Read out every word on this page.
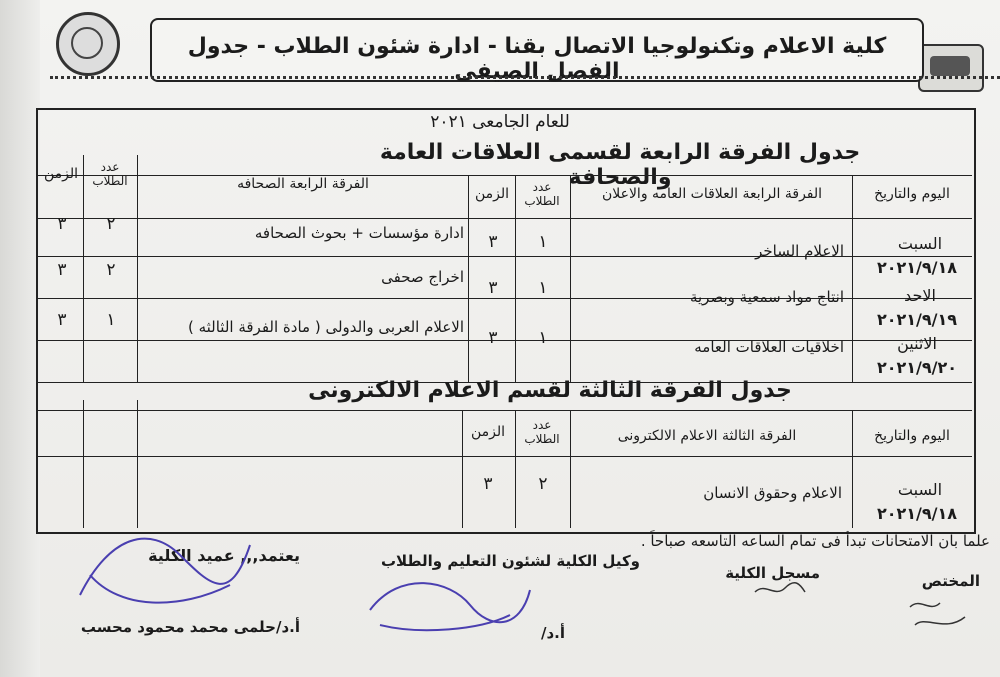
كلية الاعلام وتكنولوجيا الاتصال بقنا - ادارة شئون الطلاب - جدول الفصل الصيفى
للعام الجامعى ٢٠٢١
جدول الفرقة الرابعة لقسمى العلاقات العامة والصحافة
اليوم والتاريخ
الفرقة الرابعة العلاقات العامه والاعلان
عدد الطلاب
الزمن
الفرقة الرابعة الصحافه
عدد الطلاب
الزمن
السبت
٢٠٢١/٩/١٨
الاعلام الساخر
١
٣
ادارة مؤسسات + بحوث الصحافه
٢
٣
الاحد
٢٠٢١/٩/١٩
انتاج مواد سمعية وبصرية
١
٣
اخراج صحفى
٢
٣
الاثنين
٢٠٢١/٩/٢٠
اخلاقيات العلاقات العامه
١
٣
الاعلام العربى والدولى ( مادة الفرقة الثالثه )
١
٣
جدول الفرقة الثالثة لقسم الاعلام الالكترونى
اليوم والتاريخ
الفرقة الثالثة الاعلام الالكترونى
عدد الطلاب
الزمن
السبت
٢٠٢١/٩/١٨
الاعلام وحقوق الانسان
٢
٣
علما بان الامتحانات تبدأ فى تمام الساعه التاسعه صباحاً .
المختص
مسجل الكلية
وكيل الكلية لشئون التعليم والطلاب
أ.د/
يعتمد,,, عميد الكلية
أ.د/حلمى محمد محمود محسب
